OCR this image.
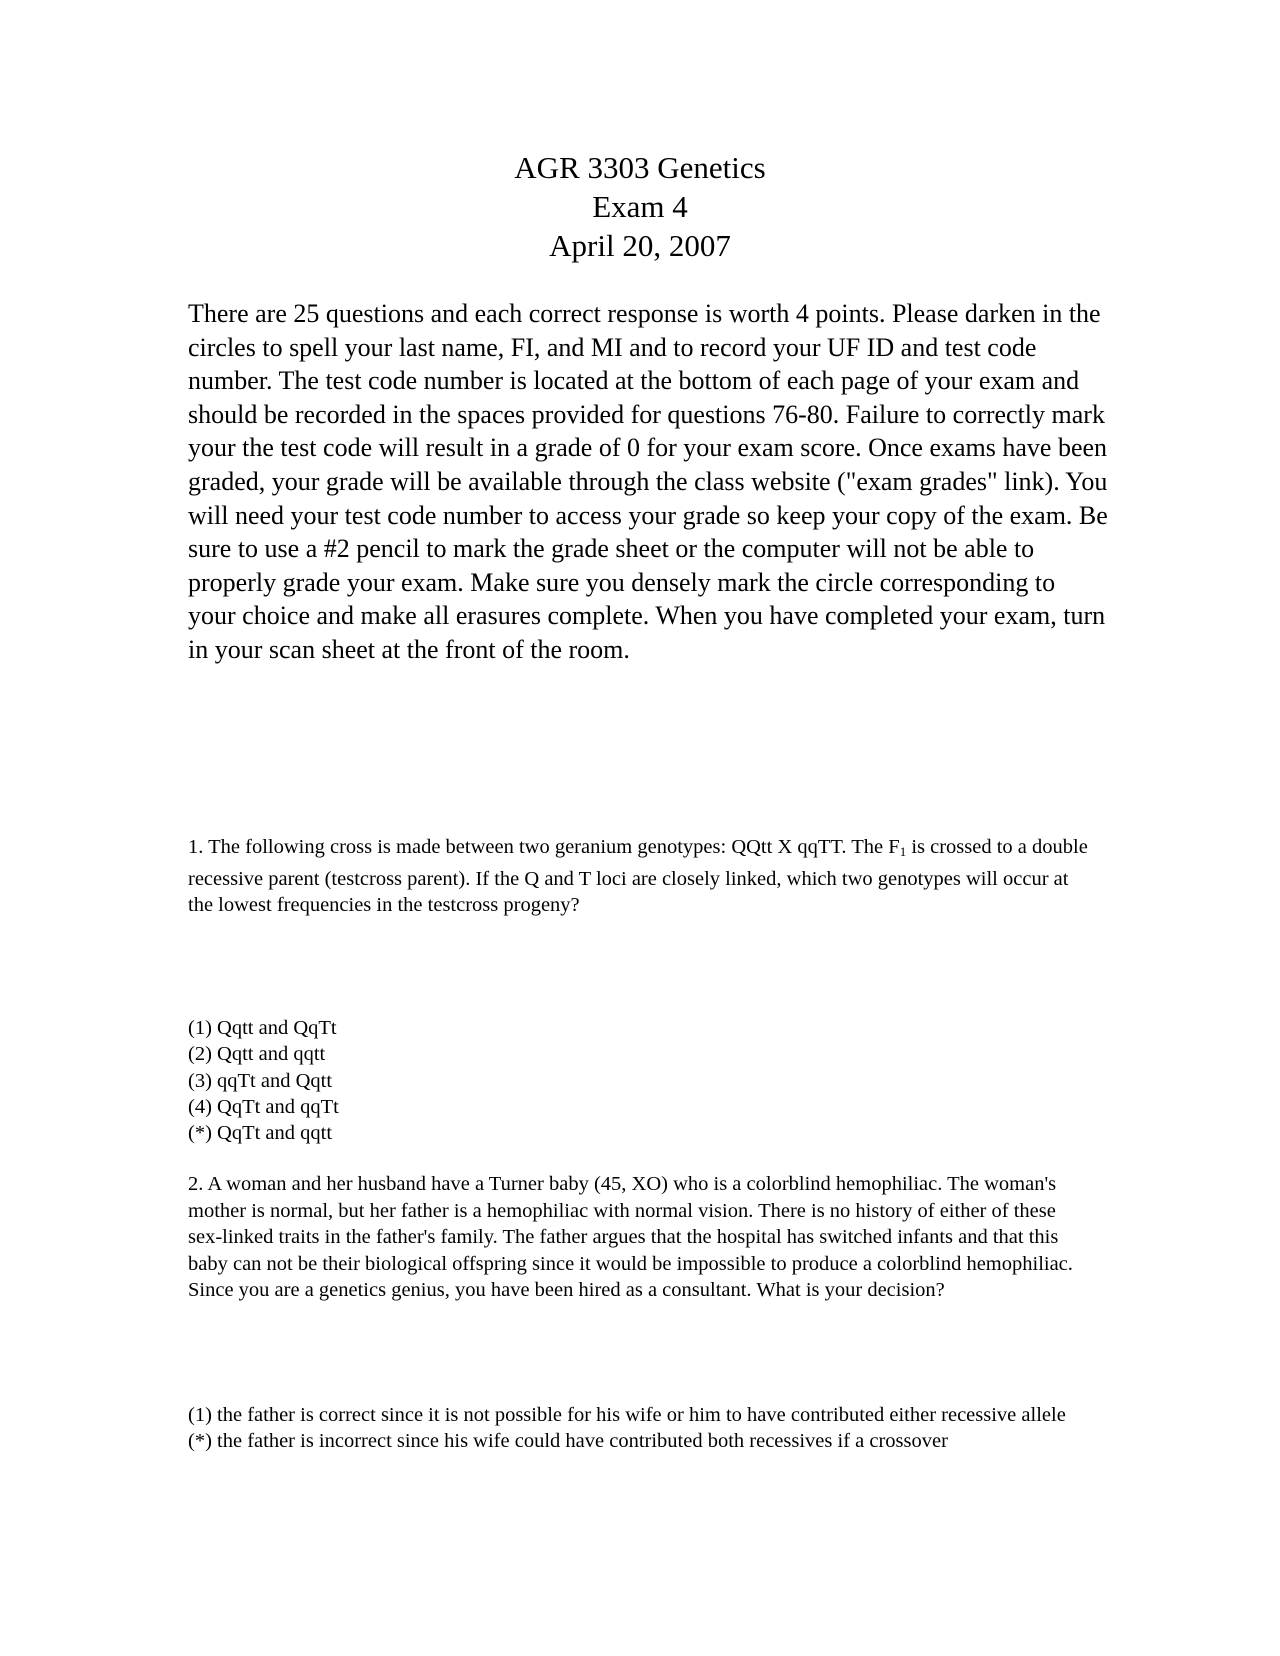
AGR 3303 Genetics
Exam 4
April 20, 2007
There are 25 questions and each correct response is worth 4 points. Please darken in the circles to spell your last name, FI, and MI and to record your UF ID and test code number. The test code number is located at the bottom of each page of your exam and should be recorded in the spaces provided for questions 76-80. Failure to correctly mark your the test code will result in a grade of 0 for your exam score. Once exams have been graded, your grade will be available through the class website ("exam grades" link). You will need your test code number to access your grade so keep your copy of the exam. Be sure to use a #2 pencil to mark the grade sheet or the computer will not be able to properly grade your exam. Make sure you densely mark the circle corresponding to your choice and make all erasures complete. When you have completed your exam, turn in your scan sheet at the front of the room.
1. The following cross is made between two geranium genotypes: QQtt X qqTT. The $F_1$ is crossed to a double recessive parent (testcross parent). If the Q and T loci are closely linked, which two genotypes will occur at the lowest frequencies in the testcross progeny?
(1) Qqtt and QqTt
(2) Qqtt and qqtt
(3) qqTt and Qqtt
(4) QqTt and qqTt
(*) QqTt and qqtt
2. A woman and her husband have a Turner baby (45, XO) who is a colorblind hemophiliac. The woman's mother is normal, but her father is a hemophiliac with normal vision. There is no history of either of these sex-linked traits in the father's family. The father argues that the hospital has switched infants and that this baby can not be their biological offspring since it would be impossible to produce a colorblind hemophiliac. Since you are a genetics genius, you have been hired as a consultant. What is your decision?
(1) the father is correct since it is not possible for his wife or him to have contributed either recessive allele
(*) the father is incorrect since his wife could have contributed both recessives if a crossover
